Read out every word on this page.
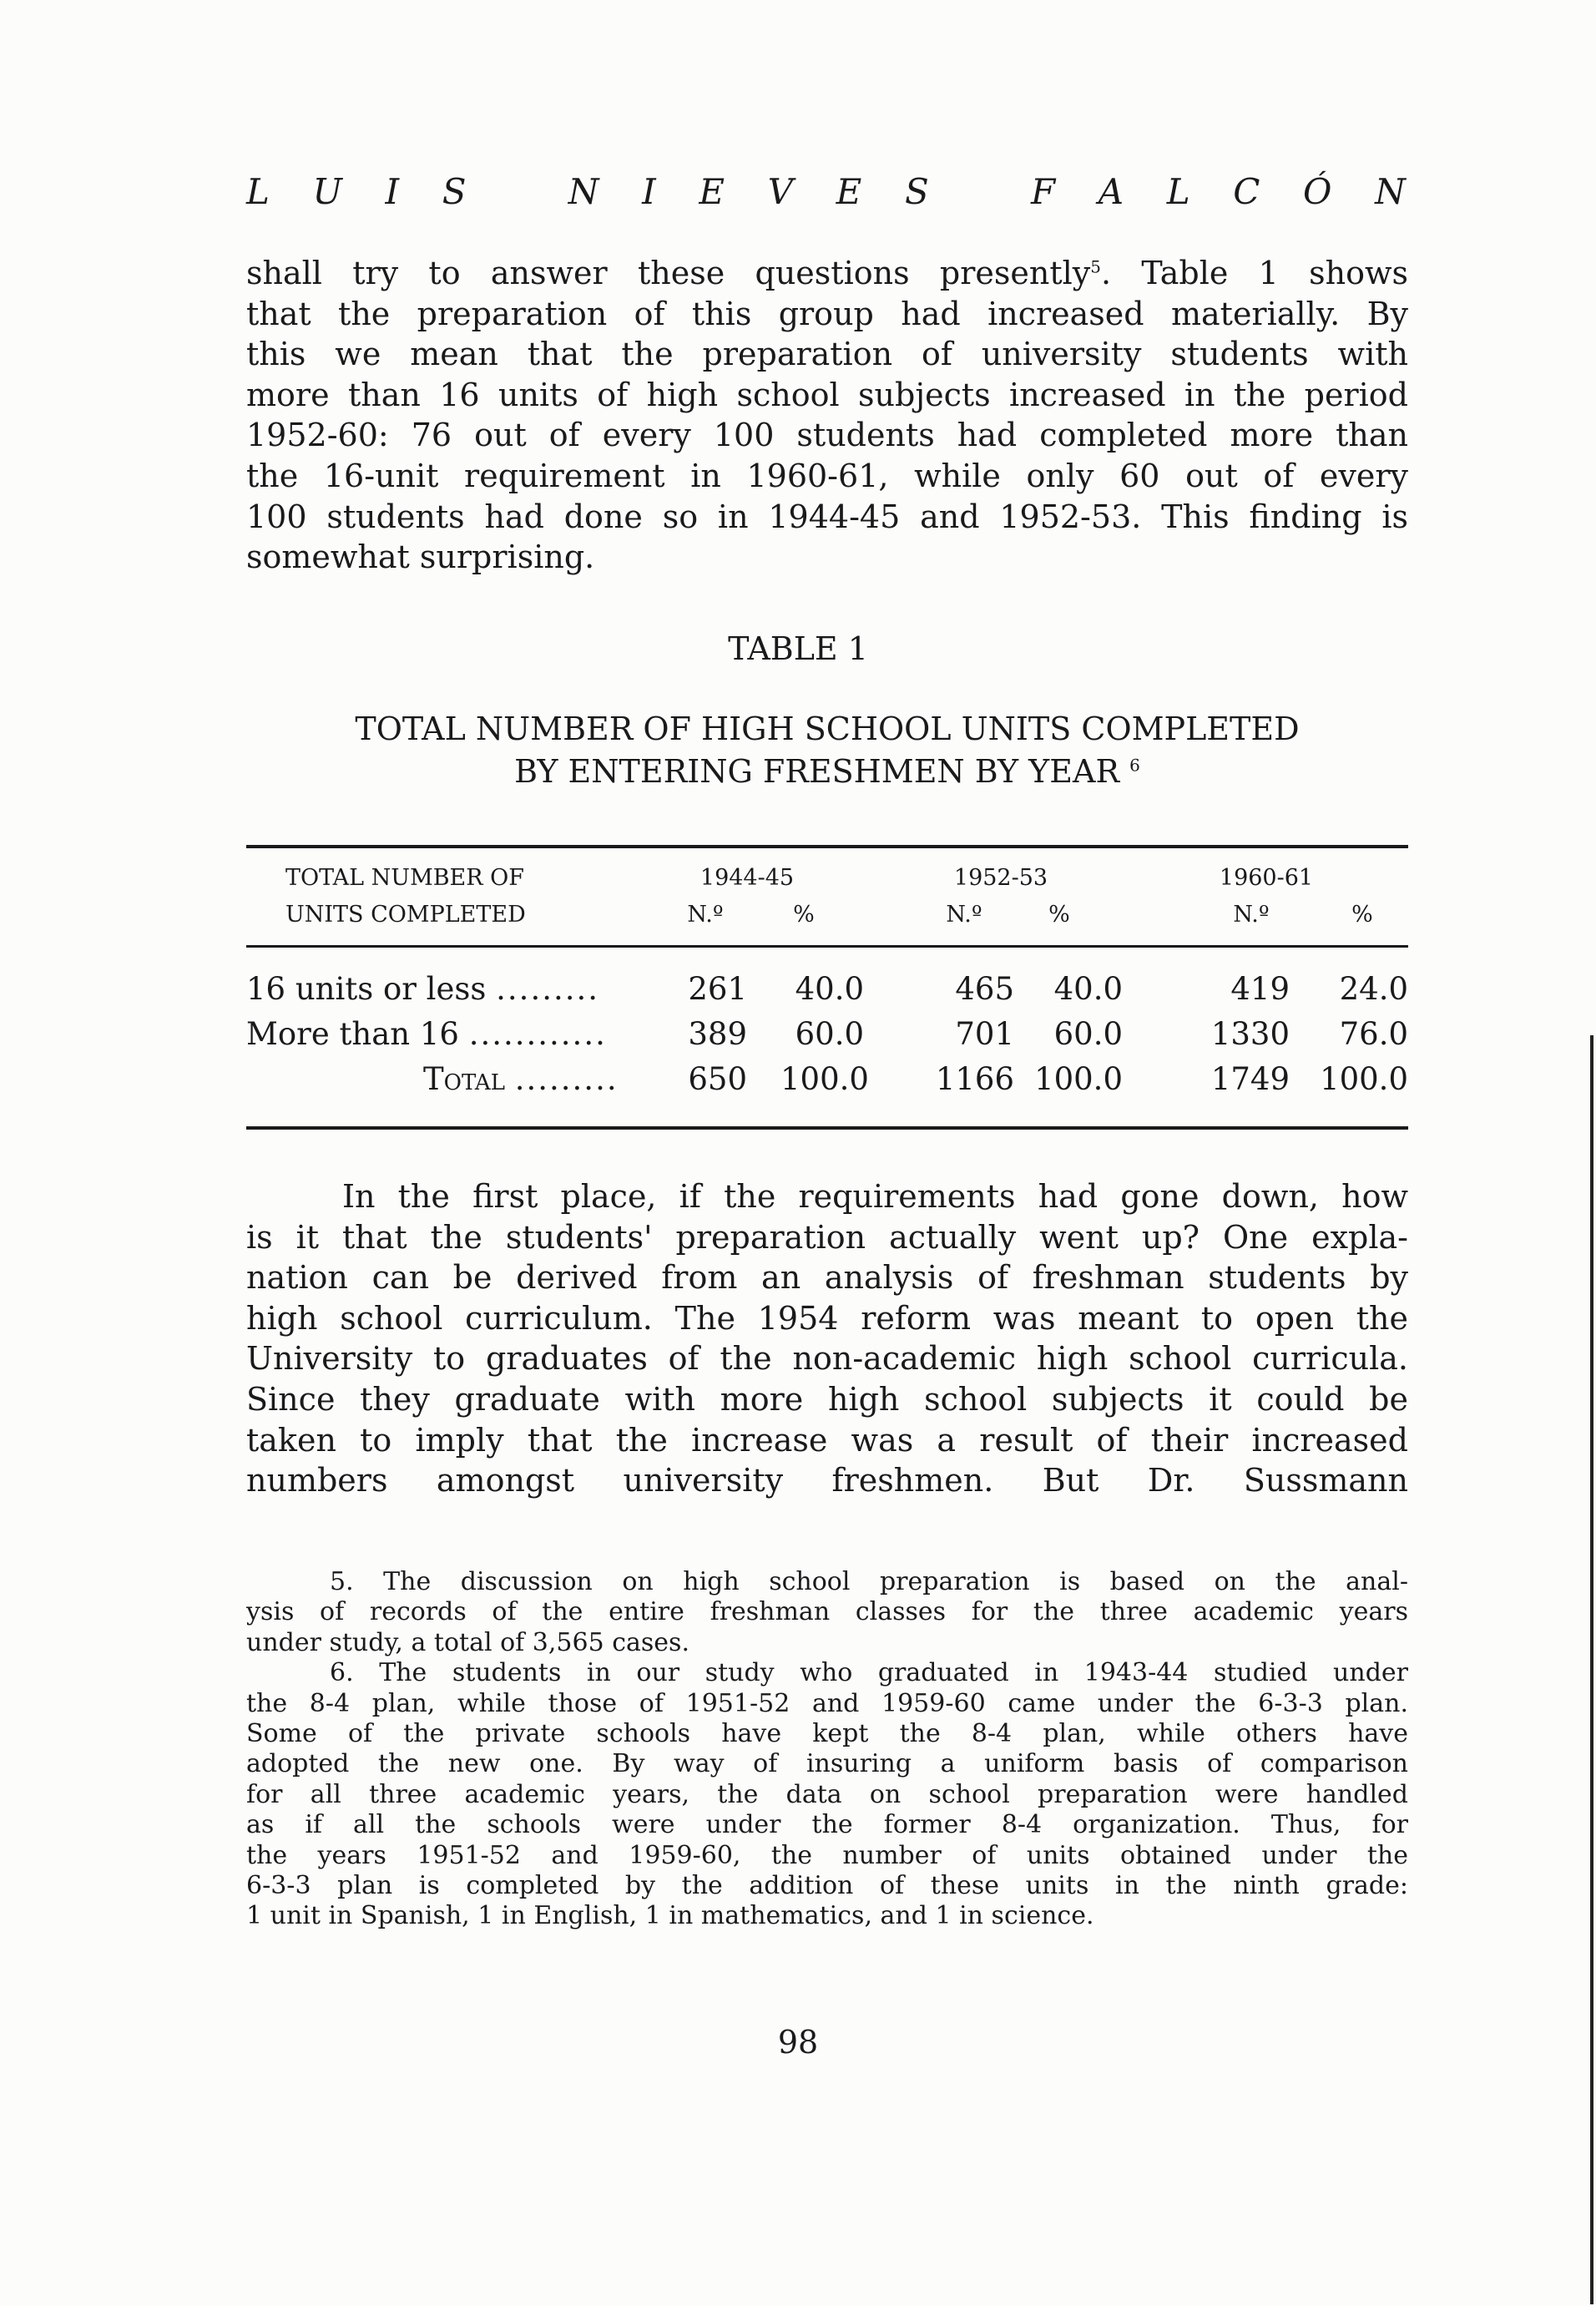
L U I S	N I E V E S	F A L C Ó N
shall try to answer these questions presently$^5$. Table 1 shows
that the preparation of this group had increased materially. By
this we mean that the preparation of university students with
more than 16 units of high school subjects increased in the period
1952-60: 76 out of every 100 students had completed more than
the 16-unit requirement in 1960-61, while only 60 out of every
100 students had done so in 1944-45 and 1952-53. This finding is
somewhat surprising.
TABLE 1
TOTAL NUMBER OF HIGH SCHOOL UNITS COMPLETED
BY ENTERING FRESHMEN BY YEAR $^6$
TOTAL NUMBER OF
UNITS COMPLETED
1944-45	1952-53	1960-61
N.º	%	N.º	%	N.º	%
16 units or less .........	261	40.0	465	40.0	419	24.0
More than 16 ............	389	60.0	701	60.0	1330	76.0
Total ......... 650 100.0	1166 100.0	1749 100.0
In the first place, if the requirements had gone down, how
is it that the students' preparation actually went up? One expla-
nation can be derived from an analysis of freshman students by
high school curriculum. The 1954 reform was meant to open the
University to graduates of the non-academic high school curricula.
Since they graduate with more high school subjects it could be
taken to imply that the increase was a result of their increased
numbers amongst university freshmen. But Dr. Sussmann
5. The discussion on high school preparation is based on the anal-
ysis of records of the entire freshman classes for the three academic years
under study, a total of 3,565 cases.
6. The students in our study who graduated in 1943-44 studied under
the 8-4 plan, while those of 1951-52 and 1959-60 came under the 6-3-3 plan.
Some of the private schools have kept the 8-4 plan, while others have
adopted the new one. By way of insuring a uniform basis of comparison
for all three academic years, the data on school preparation were handled
as if all the schools were under the former 8-4 organization. Thus, for
the years 1951-52 and 1959-60, the number of units obtained under the
6-3-3 plan is completed by the addition of these units in the ninth grade:
1 unit in Spanish, 1 in English, 1 in mathematics, and 1 in science.
98
